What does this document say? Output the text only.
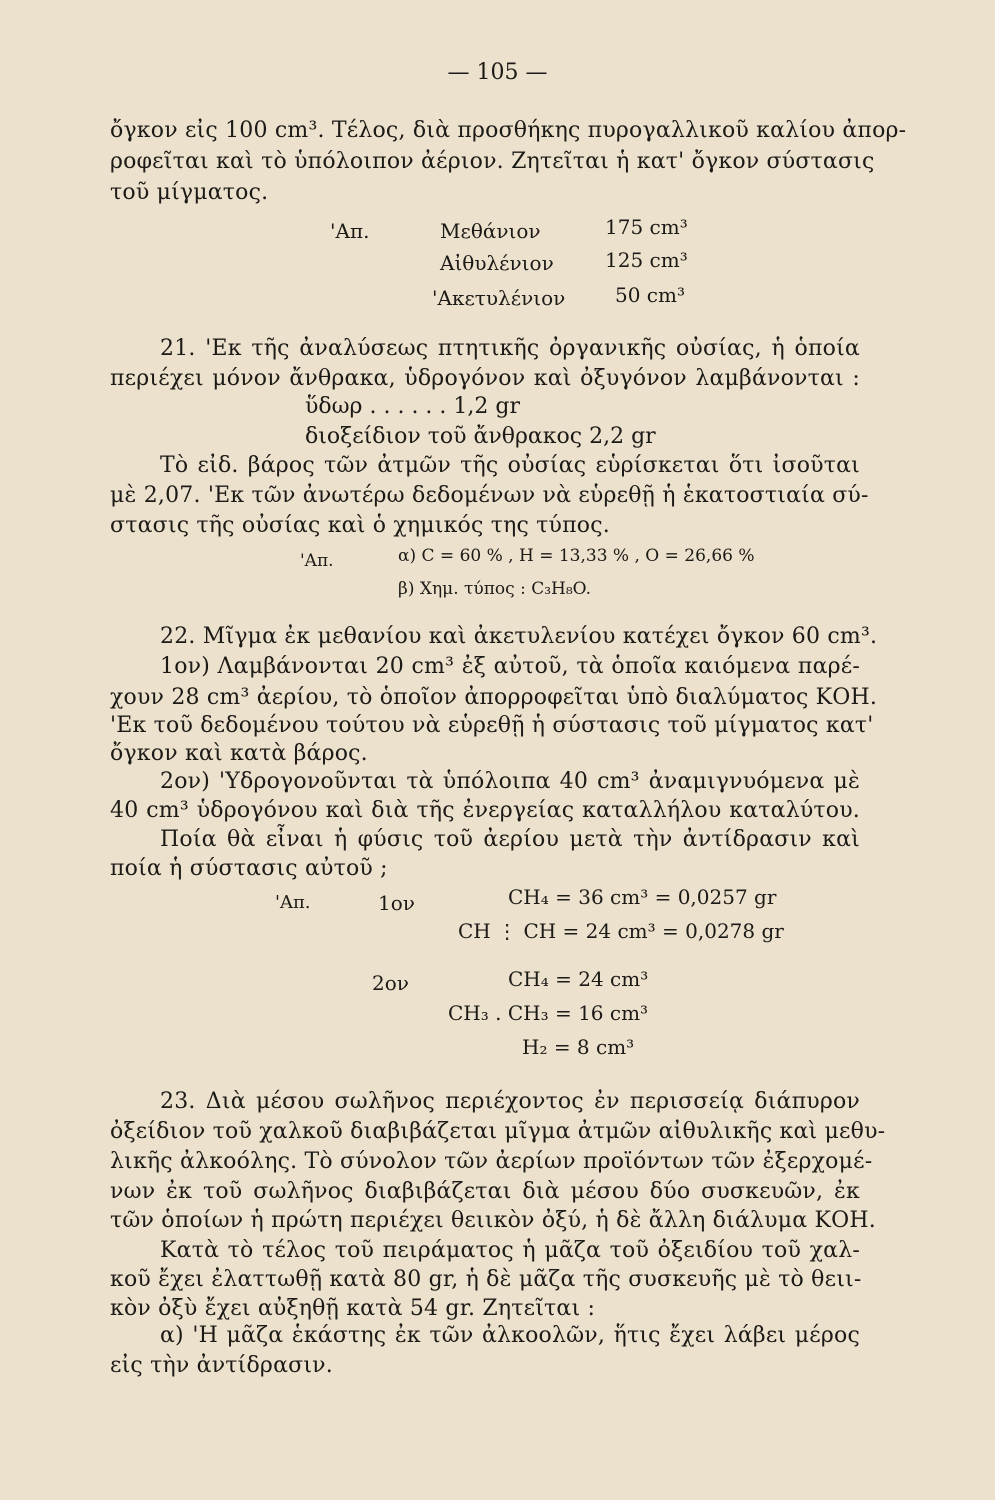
— 105 —
ὄγκον εἰς 100 cm³. Τέλος, διὰ προσθήκης πυρογαλλικοῦ καλίου ἀπορ-
ροφεῖται καὶ τὸ ὑπόλοιπον ἀέριον. Ζητεῖται ἡ κατ' ὄγκον σύστασις
τοῦ μίγματος.
'Απ.	Μεθάνιον	175 cm³
Αἰθυλένιον	125 cm³
'Ακετυλένιον 50 cm³
21. 'Εκ τῆς ἀναλύσεως πτητικῆς ὀργανικῆς οὐσίας, ἡ ὁποία
περιέχει μόνον ἄνθρακα, ὑδρογόνον καὶ ὀξυγόνον λαμβάνονται :
ὕδωρ . . . . . . 1,2 gr
διοξείδιον τοῦ ἄνθρακος 2,2 gr
Τὸ εἰδ. βάρος τῶν ἀτμῶν τῆς οὐσίας εὑρίσκεται ὅτι ἰσοῦται
μὲ 2,07. 'Εκ τῶν ἀνωτέρω δεδομένων νὰ εὑρεθῇ ἡ ἑκατοστιαία σύ-
στασις τῆς οὐσίας καὶ ὁ χημικός της τύπος.
'Απ.	α) C = 60 % , H = 13,33 % , O = 26,66 %
β) Χημ. τύπος : C₃H₈O.
22. Μῖγμα ἐκ μεθανίου καὶ ἀκετυλενίου κατέχει ὄγκον 60 cm³.
1ον) Λαμβάνονται 20 cm³ ἐξ αὐτοῦ, τὰ ὁποῖα καιόμενα παρέ-
χουν 28 cm³ ἀερίου, τὸ ὁποῖον ἀπορροφεῖται ὑπὸ διαλύματος ΚΟΗ.
'Εκ τοῦ δεδομένου τούτου νὰ εὑρεθῇ ἡ σύστασις τοῦ μίγματος κατ'
ὄγκον καὶ κατὰ βάρος.
2ον) 'Υδρογονοῦνται τὰ ὑπόλοιπα 40 cm³ ἀναμιγνυόμενα μὲ
40 cm³ ὑδρογόνου καὶ διὰ τῆς ἐνεργείας καταλλήλου καταλύτου.
Ποία θὰ εἶναι ἡ φύσις τοῦ ἀερίου μετὰ τὴν ἀντίδρασιν καὶ
ποία ἡ σύστασις αὐτοῦ ;
'Απ.	1ον	CH₄ = 36 cm³ = 0,0257 gr
CH ⋮ CH = 24 cm³ = 0,0278 gr
2ον	CH₄ = 24 cm³
CH₃ . CH₃ = 16 cm³
H₂ = 8 cm³
23. Διὰ μέσου σωλῆνος περιέχοντος ἐν περισσείᾳ διάπυρον
ὀξείδιον τοῦ χαλκοῦ διαβιβάζεται μῖγμα ἀτμῶν αἰθυλικῆς καὶ μεθυ-
λικῆς ἀλκοόλης. Τὸ σύνολον τῶν ἀερίων προϊόντων τῶν ἐξερχομέ-
νων ἐκ τοῦ σωλῆνος διαβιβάζεται διὰ μέσου δύο συσκευῶν, ἐκ
τῶν ὁποίων ἡ πρώτη περιέχει θειικὸν ὀξύ, ἡ δὲ ἄλλη διάλυμα ΚΟΗ.
Κατὰ τὸ τέλος τοῦ πειράματος ἡ μᾶζα τοῦ ὀξειδίου τοῦ χαλ-
κοῦ ἔχει ἐλαττωθῇ κατὰ 80 gr, ἡ δὲ μᾶζα τῆς συσκευῆς μὲ τὸ θειι-
κὸν ὀξὺ ἔχει αὐξηθῇ κατὰ 54 gr. Ζητεῖται :
α) 'Η μᾶζα ἑκάστης ἐκ τῶν ἀλκοολῶν, ἥτις ἔχει λάβει μέρος
εἰς τὴν ἀντίδρασιν.
